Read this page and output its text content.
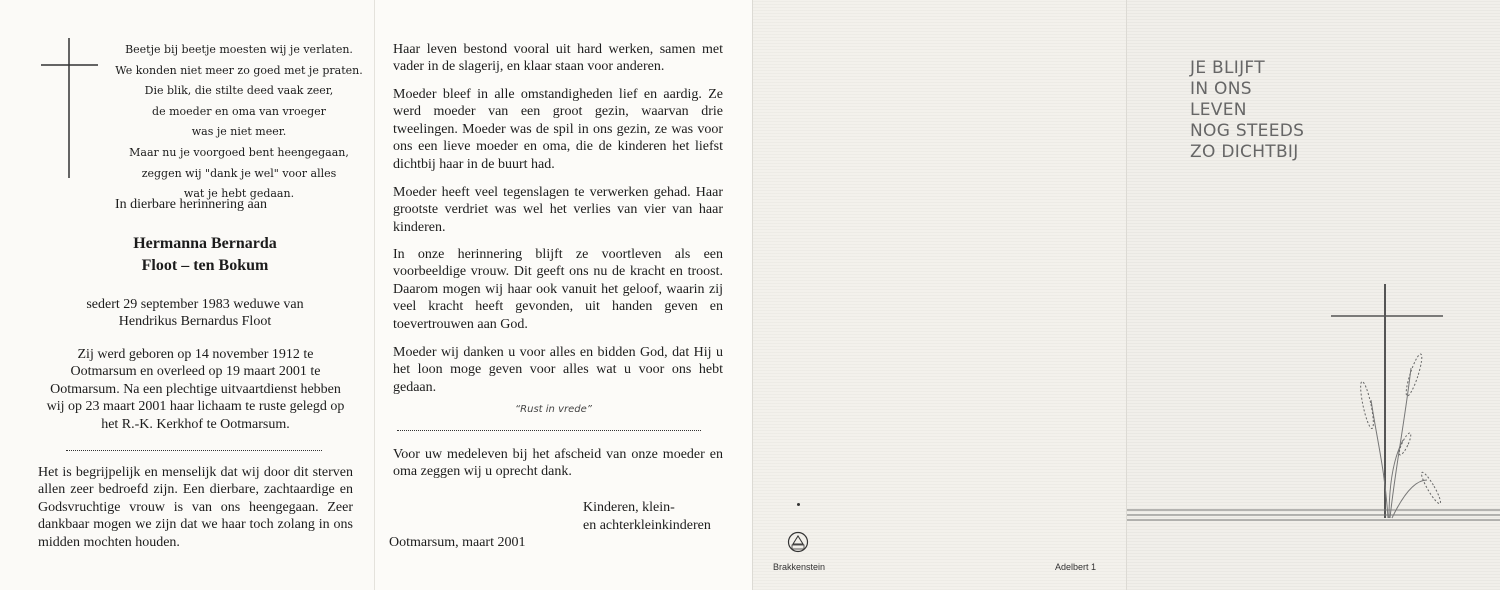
Beetje bij beetje moesten wij je verlaten.
We konden niet meer zo goed met je praten.
Die blik, die stilte deed vaak zeer,
de moeder en oma van vroeger
was je niet meer.
Maar nu je voorgoed bent heengegaan,
zeggen wij "dank je wel" voor alles
wat je hebt gedaan.
In dierbare herinnering aan
Hermanna Bernarda
Floot – ten Bokum
sedert 29 september 1983 weduwe van
Hendrikus Bernardus Floot
Zij werd geboren op 14 november 1912 te
Ootmarsum en overleed op 19 maart 2001 te
Ootmarsum. Na een plechtige uitvaartdienst hebben
wij op 23 maart 2001 haar lichaam te ruste gelegd op
het R.-K. Kerkhof te Ootmarsum.
Het is begrijpelijk en menselijk dat wij door dit sterven allen zeer bedroefd zijn. Een dierbare, zachtaardige en Godsvruchtige vrouw is van ons heengegaan. Zeer dankbaar mogen we zijn dat we haar toch zolang in ons midden mochten houden.
Haar leven bestond vooral uit hard werken, samen met vader in de slagerij, en klaar staan voor anderen.
Moeder bleef in alle omstandigheden lief en aardig. Ze werd moeder van een groot gezin, waarvan drie tweelingen. Moeder was de spil in ons gezin, ze was voor ons een lieve moeder en oma, die de kinderen het liefst dichtbij haar in de buurt had.
Moeder heeft veel tegenslagen te verwerken gehad. Haar grootste verdriet was wel het verlies van vier van haar kinderen.
In onze herinnering blijft ze voortleven als een voorbeeldige vrouw. Dit geeft ons nu de kracht en troost. Daarom mogen wij haar ook vanuit het geloof, waarin zij veel kracht heeft gevonden, uit handen geven en toevertrouwen aan God.
Moeder wij danken u voor alles en bidden God, dat Hij u het loon moge geven voor alles wat u voor ons hebt gedaan.
“Rust in vrede”
Voor uw medeleven bij het afscheid van onze moeder en oma zeggen wij u oprecht dank.
Kinderen, klein-
en achterkleinkinderen
Ootmarsum, maart 2001
Brakkenstein	Adelbert 1
JE BLIJFT
IN ONS
LEVEN
NOG STEEDS
ZO DICHTBIJ
